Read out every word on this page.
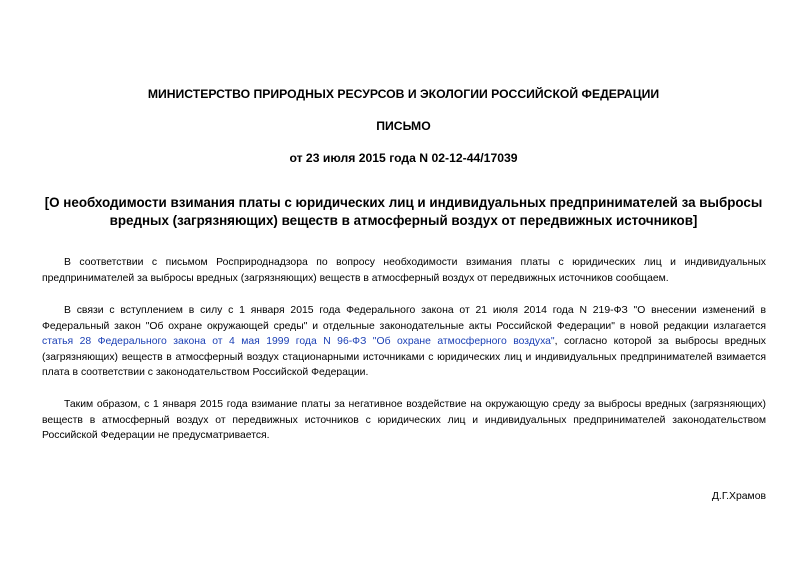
МИНИСТЕРСТВО ПРИРОДНЫХ РЕСУРСОВ И ЭКОЛОГИИ РОССИЙСКОЙ ФЕДЕРАЦИИ
ПИСЬМО
от 23 июля 2015 года N 02-12-44/17039
[О необходимости взимания платы с юридических лиц и индивидуальных предпринимателей за выбросы вредных (загрязняющих) веществ в атмосферный воздух от передвижных источников]

В соответствии с письмом Росприроднадзора по вопросу необходимости взимания платы с юридических лиц и индивидуальных предпринимателей за выбросы вредных (загрязняющих) веществ в атмосферный воздух от передвижных источников сообщаем.

В связи с вступлением в силу с 1 января 2015 года Федерального закона от 21 июля 2014 года N 219-ФЗ "О внесении изменений в Федеральный закон "Об охране окружающей среды" и отдельные законодательные акты Российской Федерации" в новой редакции излагается статья 28 Федерального закона от 4 мая 1999 года N 96-ФЗ "Об охране атмосферного воздуха", согласно которой за выбросы вредных (загрязняющих) веществ в атмосферный воздух стационарными источниками с юридических лиц и индивидуальных предпринимателей взимается плата в соответствии с законодательством Российской Федерации.

Таким образом, с 1 января 2015 года взимание платы за негативное воздействие на окружающую среду за выбросы вредных (загрязняющих) веществ в атмосферный воздух от передвижных источников с юридических лиц и индивидуальных предпринимателей законодательством Российской Федерации не предусматривается.

Д.Г.Храмов
